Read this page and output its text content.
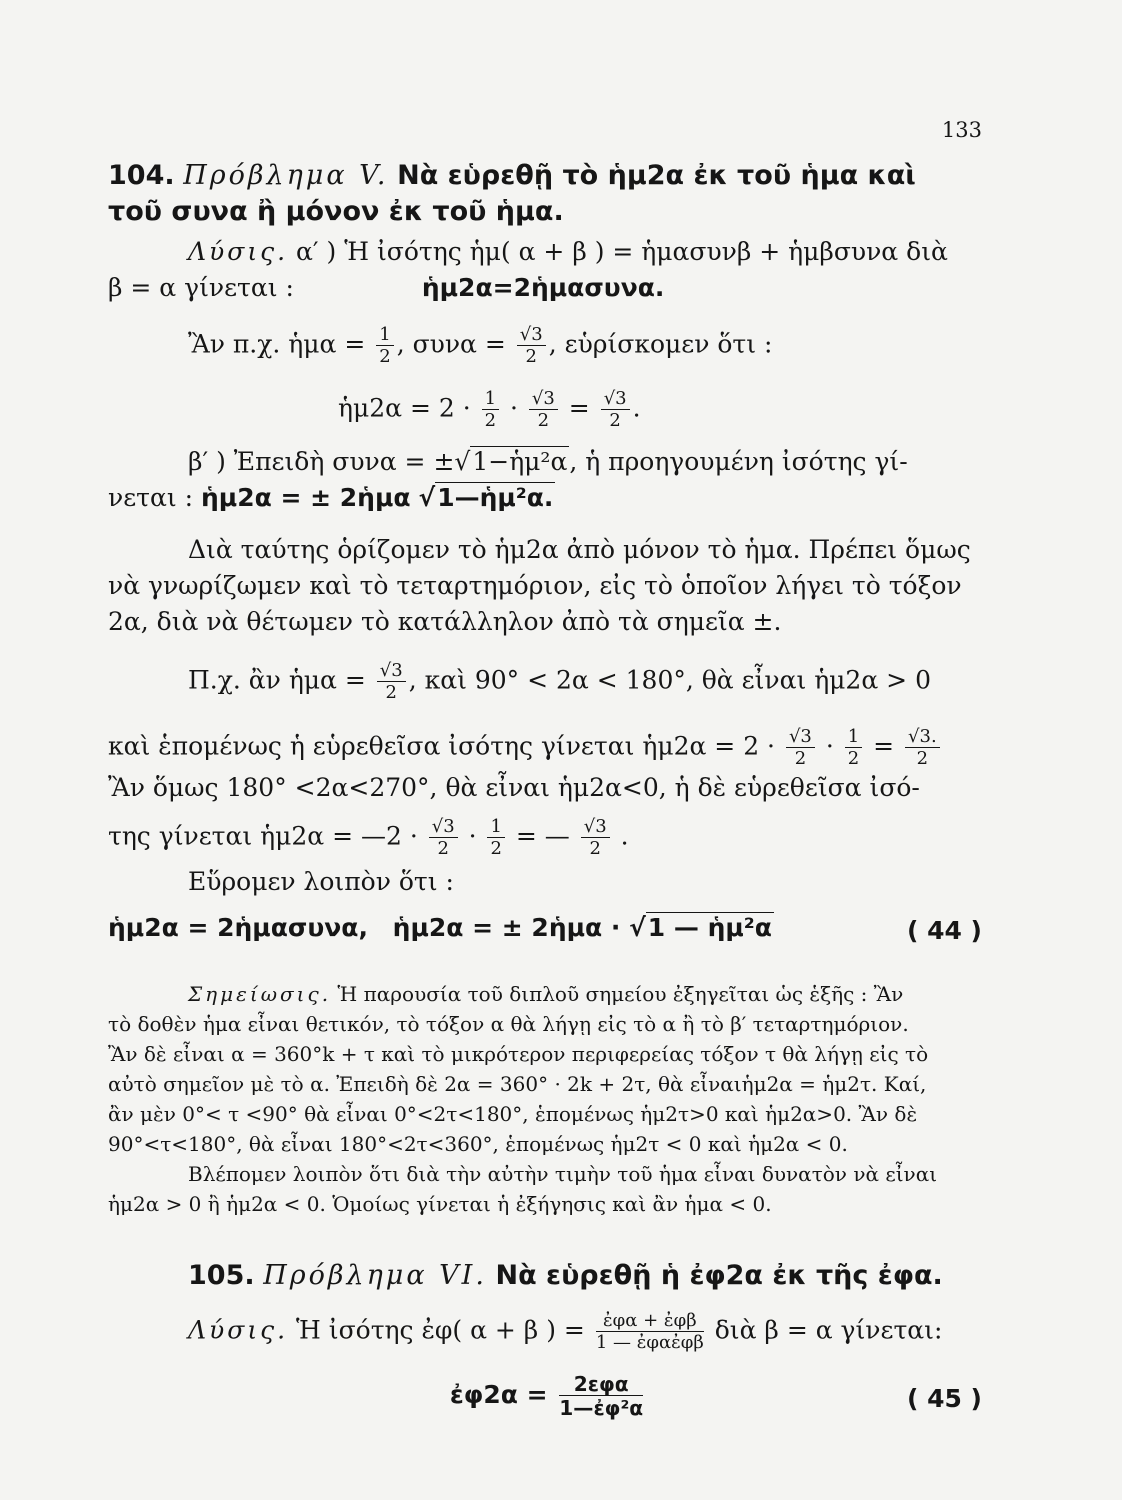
133
104. Πρόβλημα V. Νὰ εὑρεθῇ τὸ ἡμ2α ἐκ τοῦ ἡμα καὶ
τοῦ συνα ἢ μόνον ἐκ τοῦ ἡμα.
Λύσις. α′ ) Ἡ ἰσότης ἡμ( α + β ) = ἡμασυνβ + ἡμβσυνα διὰ
β = α γίνεται :	ἡμ2α=2ἡμασυνα.
Ἂν π.χ. ἡμα = $\frac{1}{2}$ , $\sigma\upsilon\nu\alpha = \frac{√3}{2}$ , εὑρίσκομεν ὅτι :
ἡμ2α = $2 \cdot \frac{1}{2} \cdot \frac{√3}{2} = \frac{√3}{2}$ .
β′ ) Ἐπειδὴ συνα = ±√1−ἡμ²α, ἡ προηγουμένη ἰσότης γί-
νεται : ἡμ2α = ± 2ἡμα √1—ἡμ²α.
Διὰ ταύτης ὁρίζομεν τὸ ἡμ2α ἀπὸ μόνον τὸ ἡμα. Πρέπει ὅμως
νὰ γνωρίζωμεν καὶ τὸ τεταρτημόριον, εἰς τὸ ὁποῖον λήγει τὸ τόξον
2α, διὰ νὰ θέτωμεν τὸ κατάλληλον ἀπὸ τὰ σημεῖα ±.
Π.χ. ἂν ἡμα = $\frac{√3}{2}$ , καὶ 90° < 2α < 180°, θὰ εἶναι ἡμ2α > 0
καὶ ἑπομένως ἡ εὑρεθεῖσα ἰσότης γίνεται ἡμ2α = $2 \cdot \frac{√3}{2} \cdot \frac{1}{2} = \frac{√3.}{2}$
Ἂν ὅμως 180° <2α<270°, θὰ εἶναι ἡμ2α<0, ἡ δὲ εὑρεθεῖσα ἰσό-
της γίνεται ἡμ2α = —2 · $\frac{√3}{2} \cdot \frac{1}{2}$ = — $\frac{√3}{2}$ .
Εὕρομεν λοιπὸν ὅτι :
ἡμ2α = 2ἡμασυνα, ἡμ2α = ± 2ἡμα · √1 — ἡμ²α	( 44 )
Σημείωσις. Ἡ παρουσία τοῦ διπλοῦ σημείου ἐξηγεῖται ὡς ἑξῆς : Ἂν
τὸ δοθὲν ἡμα εἶναι θετικόν, τὸ τόξον α θὰ λήγῃ εἰς τὸ α ἢ τὸ β′ τεταρτημόριον.
Ἂν δὲ εἶναι α = 360°k + τ καὶ τὸ μικρότερον περιφερείας τόξον τ θὰ λήγῃ εἰς τὸ
αὐτὸ σημεῖον μὲ τὸ α. Ἐπειδὴ δὲ 2α = 360° · 2k + 2τ, θὰ εἶναιἡμ2α = ἡμ2τ. Καί,
ἂν μὲν 0°< τ <90° θὰ εἶναι 0°<2τ<180°, ἑπομένως ἡμ2τ>0 καὶ ἡμ2α>0. Ἂν δὲ
90°<τ<180°, θὰ εἶναι 180°<2τ<360°, ἑπομένως ἡμ2τ < 0 καὶ ἡμ2α < 0.
Βλέπομεν λοιπὸν ὅτι διὰ τὴν αὐτὴν τιμὴν τοῦ ἡμα εἶναι δυνατὸν νὰ εἶναι
ἡμ2α > 0 ἢ ἡμ2α < 0. Ὁμοίως γίνεται ἡ ἐξήγησις καὶ ἂν ἡμα < 0.
105. Πρόβλημα VI. Νὰ εὑρεθῇ ἡ ἐφ2α ἐκ τῆς ἐφα.
Λύσις. Ἡ ἰσότης ἐφ( α + β ) = $\frac{\text{ἐφα + ἐφβ}}{\text{1 — ἐφαἐφβ}}$ διὰ β = α γίνεται:
ἐφ2α = $\frac{\text{2εφα}}{\text{1—ἐφ²α}}$	( 45 )
